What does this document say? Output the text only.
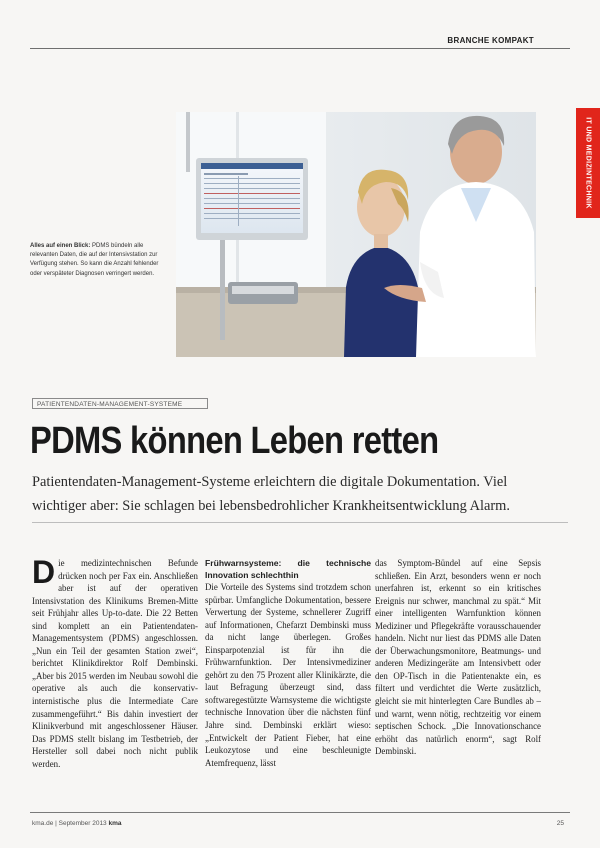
BRANCHE KOMPAKT
IT UND MEDIZINTECHNIK
Alles auf einen Blick: PDMS bündeln alle relevanten Daten, die auf der Intensivstation zur Verfügung stehen. So kann die Anzahl fehlender oder verspäteter Diagnosen verringert werden.
PATIENTENDATEN-MANAGEMENT-SYSTEME
PDMS können Leben retten
Patientendaten-Management-Systeme erleichtern die digitale Dokumentation. Viel wichtiger aber: Sie schlagen bei lebensbedrohlicher Krankheitsentwicklung Alarm.
D ie medizintechnischen Befunde drücken noch per Fax ein. Anschließen aber ist auf der operativen Intensivstation des Klinikums Bremen-Mitte seit Frühjahr alles Up-to-date. Die 22 Betten sind komplett an ein Patientendaten-Managementsystem (PDMS) angeschlossen. „Nun ein Teil der gesamten Station zwei“, berichtet Klinikdirektor Rolf Dembinski. „Aber bis 2015 werden im Neubau sowohl die operative als auch die konservativ-internistische plus die Intermediate Care zusammengeführt.“ Bis dahin investiert der Klinikverbund mit angeschlossener Häuser. Das PDMS stellt bislang im Testbetrieb, der Hersteller soll dabei noch nicht publik werden.

Frühwarnsysteme: die technische Innovation schlechthin

Die Vorteile des Systems sind trotzdem schon spürbar. Umfangliche Dokumentation, bessere Verwertung der Systeme, schnellerer Zugriff auf Informationen, Chefarzt Dembinski muss da nicht lange überlegen. Großes Einsparpotenzial ist für ihn die Frühwarnfunktion. Der Intensivmediziner gehört zu den 75 Prozent aller Klinikärzte, die laut Befragung überzeugt sind, dass softwaregestützte Warnsysteme die wichtigste technische Innovation über die nächsten fünf Jahre sind. Dembinski erklärt wieso: „Entwickelt der Patient Fieber, hat eine Leukozytose und eine beschleunigte Atemfrequenz, lässt

das Symptom-Bündel auf eine Sepsis schließen. Ein Arzt, besonders wenn er noch unerfahren ist, erkennt so ein kritisches Ereignis nur schwer, manchmal zu spät.“ Mit einer intelligenten Warnfunktion können Mediziner und Pflegekräfte vorausschauender handeln. Nicht nur liest das PDMS alle Daten der Überwachungsmonitore, Beatmungs- und anderen Medizingeräte am Intensivbett oder den OP-Tisch in die Patientenakte ein, es filtert und verdichtet die Werte zusätzlich, gleicht sie mit hinterlegten Care Bundles ab – und warnt, wenn nötig, rechtzeitig vor einem septischen Schock. „Die Innovationschance erhöht das natürlich enorm“, sagt Rolf Dembinski.

kma.de | September 2013 kma	25
